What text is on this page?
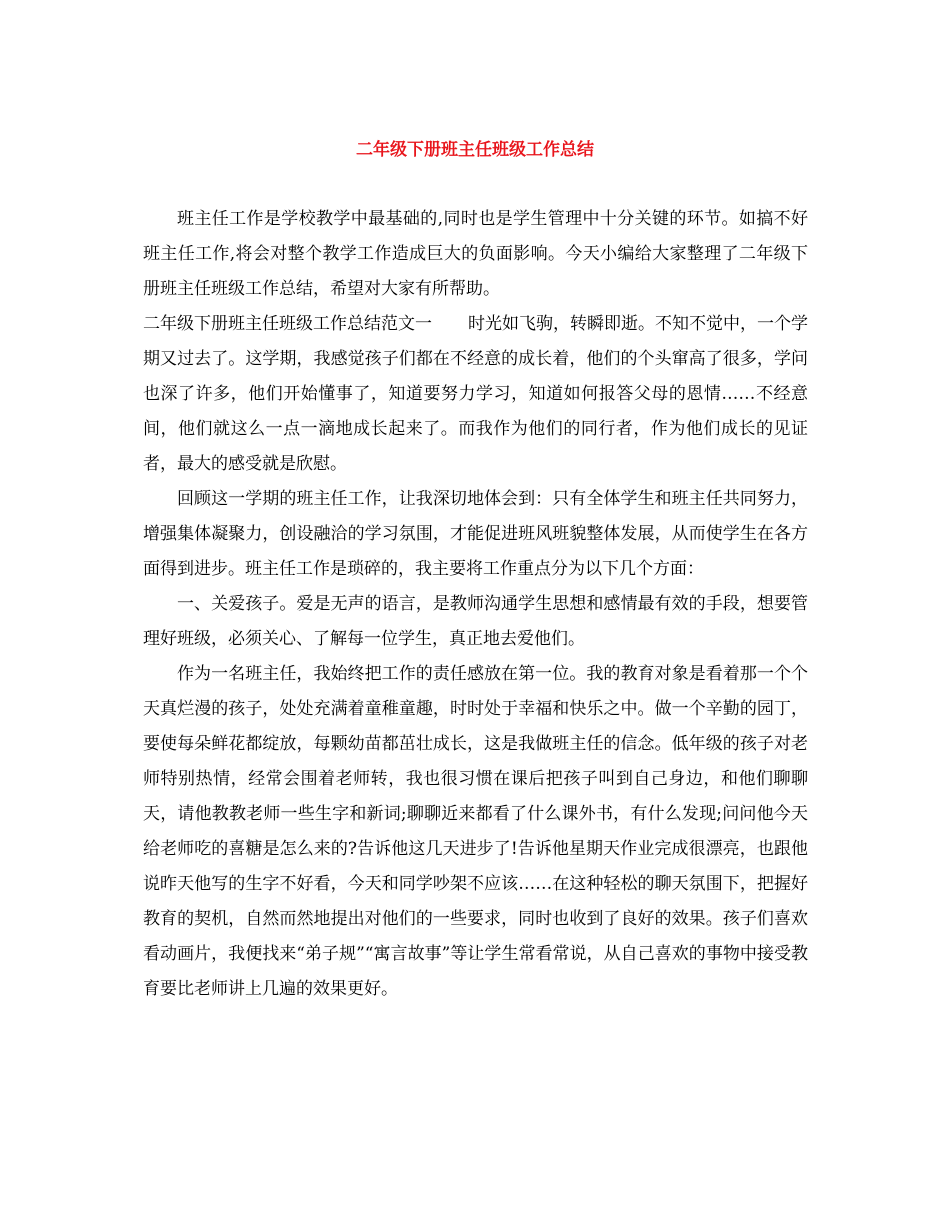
二年级下册班主任班级工作总结

班主任工作是学校教学中最基础的,同时也是学生管理中十分关键的环节。如搞不好班主任工作,将会对整个教学工作造成巨大的负面影响。今天小编给大家整理了二年级下册班主任班级工作总结，希望对大家有所帮助。

二年级下册班主任班级工作总结范文一 时光如飞驹，转瞬即逝。不知不觉中，一个学期又过去了。这学期，我感觉孩子们都在不经意的成长着，他们的个头窜高了很多，学问也深了许多，他们开始懂事了，知道要努力学习，知道如何报答父母的恩情……不经意间，他们就这么一点一滴地成长起来了。而我作为他们的同行者，作为他们成长的见证者，最大的感受就是欣慰。

回顾这一学期的班主任工作，让我深切地体会到：只有全体学生和班主任共同努力，增强集体凝聚力，创设融洽的学习氛围，才能促进班风班貌整体发展，从而使学生在各方面得到进步。班主任工作是琐碎的，我主要将工作重点分为以下几个方面：

一、关爱孩子。爱是无声的语言，是教师沟通学生思想和感情最有效的手段，想要管理好班级，必须关心、了解每一位学生，真正地去爱他们。

作为一名班主任，我始终把工作的责任感放在第一位。我的教育对象是看着那一个个天真烂漫的孩子，处处充满着童稚童趣，时时处于幸福和快乐之中。做一个辛勤的园丁，要使每朵鲜花都绽放，每颗幼苗都茁壮成长，这是我做班主任的信念。低年级的孩子对老师特别热情，经常会围着老师转，我也很习惯在课后把孩子叫到自己身边，和他们聊聊天，请他教教老师一些生字和新词;聊聊近来都看了什么课外书，有什么发现;问问他今天给老师吃的喜糖是怎么来的?告诉他这几天进步了!告诉他星期天作业完成很漂亮，也跟他说昨天他写的生字不好看，今天和同学吵架不应该……在这种轻松的聊天氛围下，把握好教育的契机，自然而然地提出对他们的一些要求，同时也收到了良好的效果。孩子们喜欢看动画片，我便找来“弟子规”“寓言故事”等让学生常看常说，从自己喜欢的事物中接受教育要比老师讲上几遍的效果更好。
